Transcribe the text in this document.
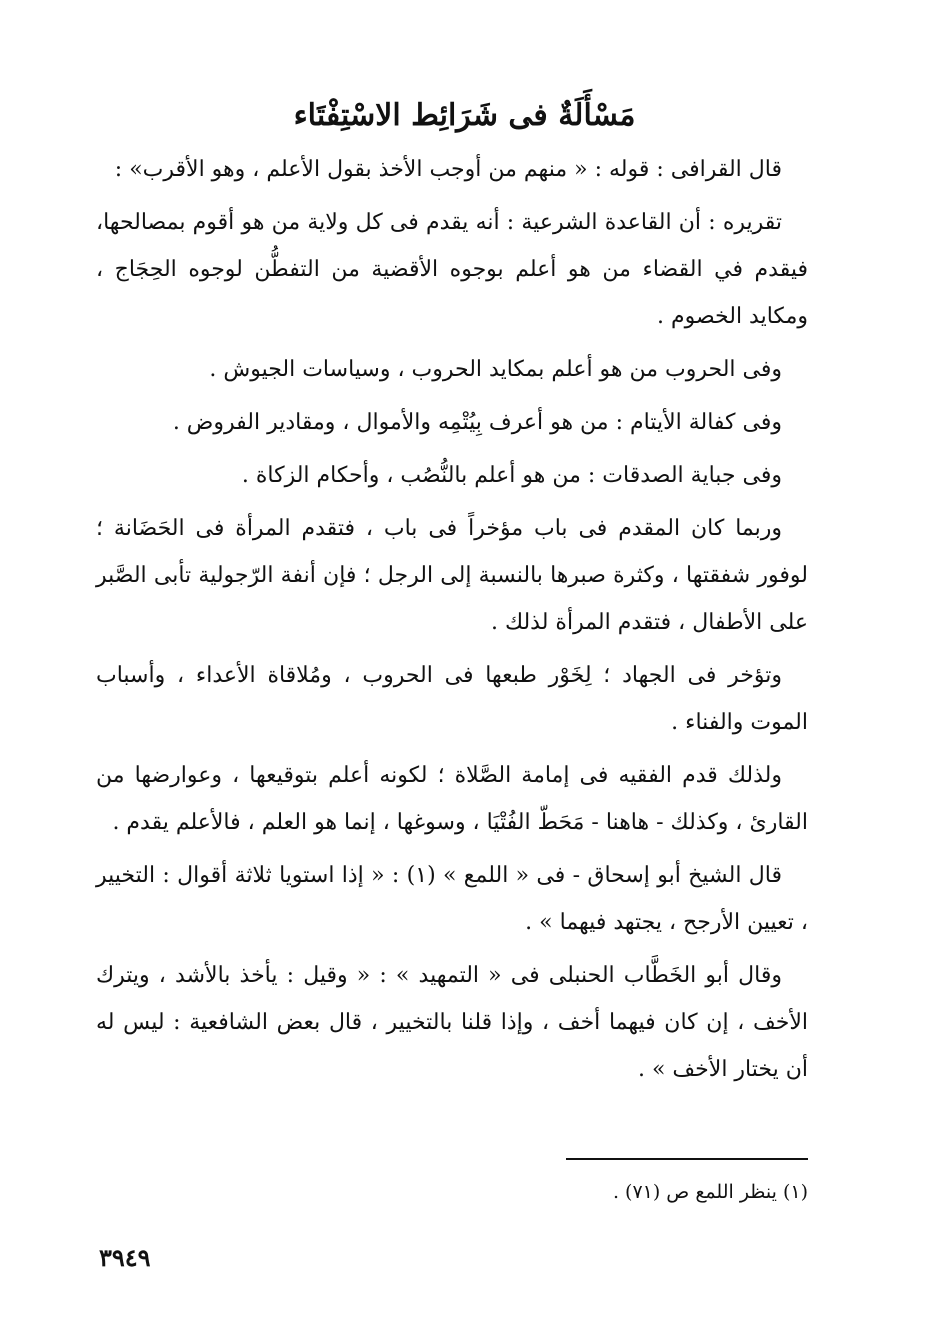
مَسْأَلَةٌ فى شَرَائِط الاسْتِفْتَاء

قال القرافى : قوله : « منهم من أوجب الأخذ بقول الأعلم ، وهو الأقرب» :

تقريره : أن القاعدة الشرعية : أنه يقدم فى كل ولاية من هو أقوم بمصالحها، فيقدم في القضاء من هو أعلم بوجوه الأقضية من التفطُّن لوجوه الحِجَاج ، ومكايد الخصوم .

وفى الحروب من هو أعلم بمكايد الحروب ، وسياسات الجيوش .

وفى كفالة الأيتام : من هو أعرف بِيُتْمِه والأموال ، ومقادير الفروض .

وفى جباية الصدقات : من هو أعلم بالنُّصُب ، وأحكام الزكاة .

وربما كان المقدم فى باب مؤخراً فى باب ، فتقدم المرأة فى الحَضَانة ؛ لوفور شفقتها ، وكثرة صبرها بالنسبة إلى الرجل ؛ فإن أنفة الرّجولية تأبى الصَّبر على الأطفال ، فتقدم المرأة لذلك .

وتؤخر فى الجهاد ؛ لِخَوْر طبعها فى الحروب ، ومُلاقاة الأعداء ، وأسباب الموت والفناء .

ولذلك قدم الفقيه فى إمامة الصَّلاة ؛ لكونه أعلم بتوقيعها ، وعوارضها من القارئ ، وكذلك - هاهنا - مَحَطّ الفُتْيَا ، وسوغها ، إنما هو العلم ، فالأعلم يقدم .

قال الشيخ أبو إسحاق - فى « اللمع » (١) : « إذا استويا ثلاثة أقوال : التخيير ، تعيين الأرجح ، يجتهد فيهما » .

وقال أبو الخَطَّاب الحنبلى فى « التمهيد » : « وقيل : يأخذ بالأشد ، ويترك الأخف ، إن كان فيهما أخف ، وإذا قلنا بالتخيير ، قال بعض الشافعية : ليس له أن يختار الأخف » .

(١) ينظر اللمع ص (٧١) .

٣٩٤٩
